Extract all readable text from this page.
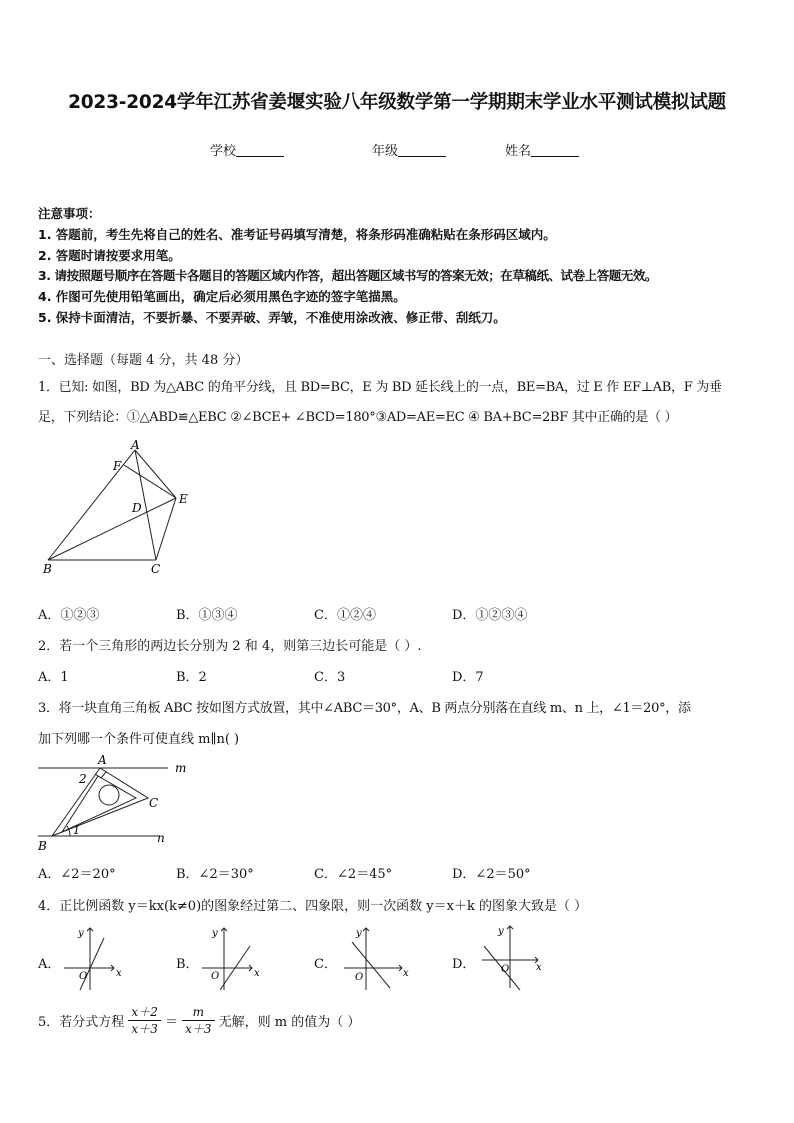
2023-2024学年江苏省姜堰实验八年级数学第一学期期末学业水平测试模拟试题
学校	年级	姓名
注意事项：
1. 答题前，考生先将自己的姓名、准考证号码填写清楚，将条形码准确粘贴在条形码区域内。
2. 答题时请按要求用笔。
3. 请按照题号顺序在答题卡各题目的答题区域内作答，超出答题区域书写的答案无效；在草稿纸、试卷上答题无效。
4. 作图可先使用铅笔画出，确定后必须用黑色字迹的签字笔描黑。
5. 保持卡面清洁，不要折暴、不要弄破、弄皱，不准使用涂改液、修正带、刮纸刀。
一、选择题（每题 4 分，共 48 分）
1．已知: 如图，BD 为△ABC 的角平分线，且 BD=BC，E 为 BD 延长线上的一点，BE=BA，过 E 作 EF⊥AB，F 为垂
足，下列结论：①△ABD≌△EBC ②∠BCE+ ∠BCD=180°③AD=AE=EC ④ BA+BC=2BF 其中正确的是（ ）
A
F
E
D
B	C
A．①②③	B．①③④	C．①②④	D．①②③④
2．若一个三角形的两边长分别为 2 和 4，则第三边长可能是（ ）.
A．1	B．2	C．3	D．7
3．将一块直角三角板 ABC 按如图方式放置，其中∠ABC＝30°，A、B 两点分别落在直线 m、n 上，∠1＝20°，添
加下列哪一个条件可使直线 m∥n( )
A
m
2
C
1
n
B
A．∠2＝20°	B．∠2＝30°	C．∠2＝45°	D．∠2＝50°
4．正比例函数 y＝kx(k≠0)的图象经过第二、四象限，则一次函数 y＝x＋k 的图象大致是（ ）
A．
y
x
O
B．
y
x
O
C．
y
x
O
D．
y
x
O
5．若分式方程 $\frac{x+2}{x+3} = \frac{m}{x+3}$ 无解，则 m 的值为（ ）
